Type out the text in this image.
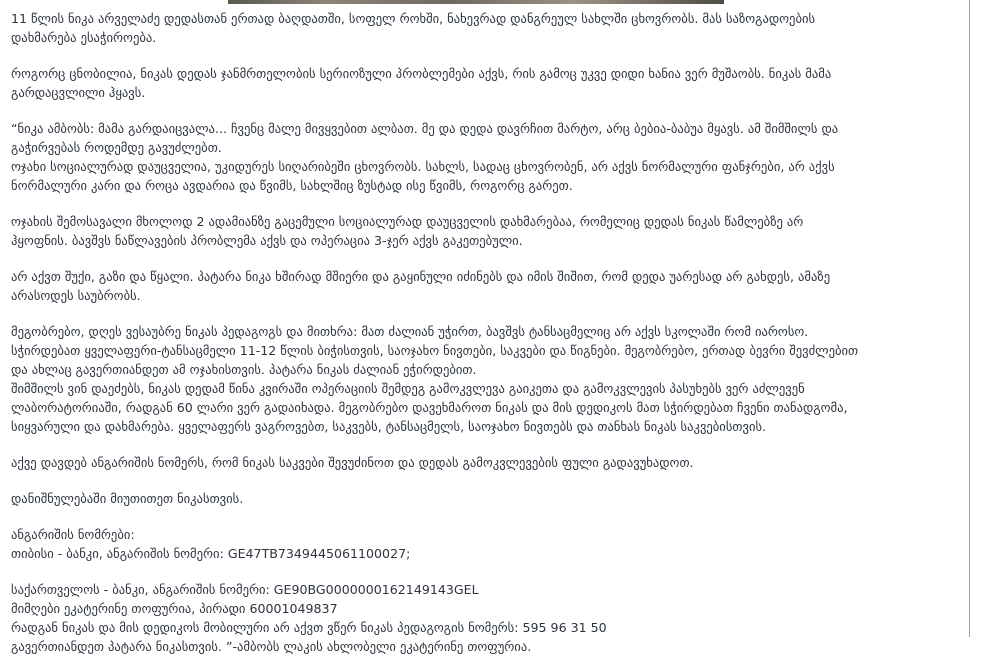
11 წლის ნიკა არველაძე დედასთან ერთად ბაღდათში, სოფელ როხში, ნახევრად დანგრეულ სახლში ცხოვრობს. მას საზოგადოების
დახმარება ესაჭიროება.

როგორც ცნობილია, ნიკას დედას ჯანმრთელობის სერიოზული პრობლემები აქვს, რის გამოც უკვე დიდი ხანია ვერ მუშაობს. ნიკას მამა
გარდაცვლილი ჰყავს.

“ნიკა ამბობს: მამა გარდაიცვალა... ჩვენც მალე მივყვებით ალბათ. მე და დედა დავრჩით მარტო, არც ბებია-ბაბუა მყავს. ამ შიმშილს და
გაჭირვებას როდემდე გავუძლებთ.
ოჯახი სოციალურად დაუცველია, უკიდურეს სიღარიბეში ცხოვრობს. სახლს, სადაც ცხოვრობენ, არ აქვს ნორმალური ფანჯრები, არ აქვს
ნორმალური კარი და როცა ავდარია და წვიმს, სახლშიც ზუსტად ისე წვიმს, როგორც გარეთ.

ოჯახის შემოსავალი მხოლოდ 2 ადამიანზე გაცემული სოციალურად დაუცველის დახმარებაა, რომელიც დედას ნიკას წამლებზე არ
ჰყოფნის. ბავშვს ნაწლავების პრობლემა აქვს და ოპერაცია 3-ჯერ აქვს გაკეთებული.

არ აქვთ შუქი, გაზი და წყალი. პატარა ნიკა ხშირად მშიერი და გაყინული იძინებს და იმის შიშით, რომ დედა უარესად არ გახდეს, ამაზე
არასოდეს საუბრობს.

მეგობრებო, დღეს ვესაუბრე ნიკას პედაგოგს და მითხრა: მათ ძალიან უჭირთ, ბავშვს ტანსაცმელიც არ აქვს სკოლაში რომ იაროსო.
სჭირდებათ ყველაფერი-ტანსაცმელი 11-12 წლის ბიჭისთვის, საოჯახო ნივთები, საკვები და წიგნები. მეგობრებო, ერთად ბევრი შევძლებით
და ახლაც გავერთიანდეთ ამ ოჯახისთვის. პატარა ნიკას ძალიან ეჭირდებით.
შიმშილს ვინ დაეძებს, ნიკას დედამ წინა კვირაში ოპერაციის შემდეგ გამოკვლევა გაიკეთა და გამოკვლევის პასუხებს ვერ აძლევენ
ლაბორატორიაში, რადგან 60 ლარი ვერ გადაიხადა. მეგობრებო დავეხმაროთ ნიკას და მის დედიკოს მათ სჭირდებათ ჩვენი თანადგომა,
სიყვარული და დახმარება. ყველაფერს ვაგროვებთ, საკვებს, ტანსაცმელს, საოჯახო ნივთებს და თანხას ნიკას საკვებისთვის.

აქვე დავდებ ანგარიშის ნომერს, რომ ნიკას საკვები შევუძინოთ და დედას გამოკვლევების ფული გადავუხადოთ.

დანიშნულებაში მიუთითეთ ნიკასთვის.

ანგარიშის ნომრები:
თიბისი - ბანკი, ანგარიშის ნომერი: GE47TB7349445061100027;

საქართველოს - ბანკი, ანგარიშის ნომერი: GE90BG0000000162149143GEL
მიმღები ეკატერინე თოფურია, პირადი 60001049837
რადგან ნიკას და მის დედიკოს მობილური არ აქვთ ვწერ ნიკას პედაგოგის ნომერს: 595 96 31 50
გავერთიანდეთ პატარა ნიკასთვის. ”-ამბობს ლაკის ახლობელი ეკატერინე თოფურია.
